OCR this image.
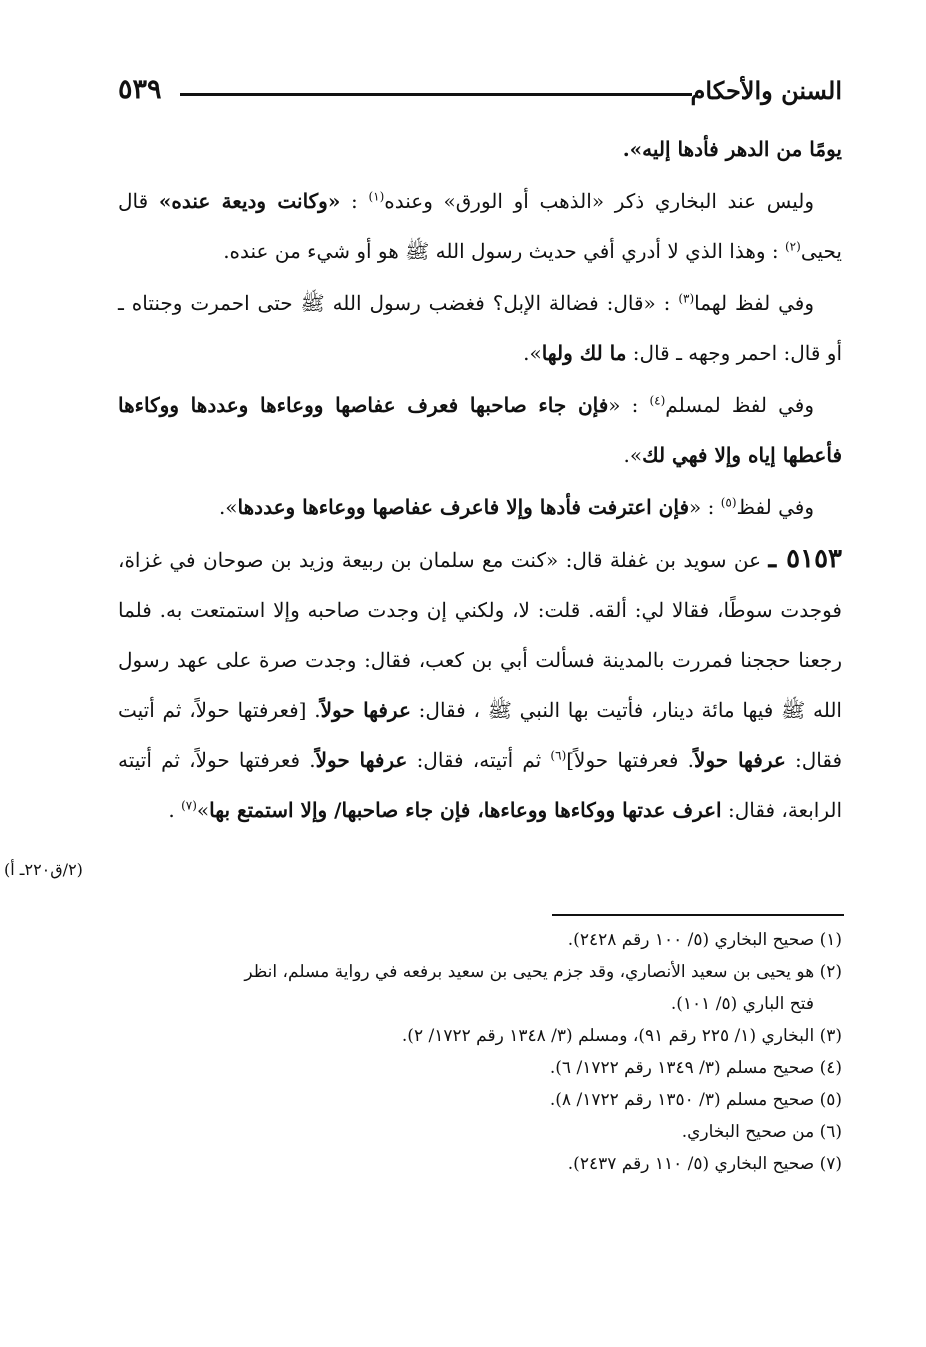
٥٣٩	السنن والأحكام

يومًا من الدهر فأدها إليه».

وليس عند البخاري ذكر «الذهب أو الورق» وعنده$^{(١)}$ : «وكانت وديعة عنده» قال يحيى$^{(٢)}$ : وهذا الذي لا أدري أفي حديث رسول الله ﷺ هو أو شيء من عنده.

وفي لفظ لهما$^{(٣)}$ : «قال: فضالة الإبل؟ فغضب رسول الله ﷺ حتى احمرت وجنتاه ـ أو قال: احمر وجهه ـ قال: ما لك ولها».

وفي لفظ لمسلم$^{(٤)}$ : «فإن جاء صاحبها فعرف عفاصها ووعاءها وعددها ووكاءها فأعطها إياه وإلا فهي لك».

وفي لفظ$^{(٥)}$ : «فإن اعترفت فأدها وإلا فاعرف عفاصها ووعاءها وعددها».

٥١٥٣ ـ عن سويد بن غفلة قال: «كنت مع سلمان بن ربيعة وزيد بن صوحان في غزاة، فوجدت سوطًا، فقالا لي: ألقه. قلت: لا، ولكني إن وجدت صاحبه وإلا استمتعت به. فلما رجعنا حججنا فمررت بالمدينة فسألت أبي بن كعب، فقال: وجدت صرة على عهد رسول الله ﷺ فيها مائة دينار، فأتيت بها النبي ﷺ ، فقال: عرفها حولاً. [فعرفتها حولاً، ثم أتيت فقال: عرفها حولاً. فعرفتها حولاً]$^{(٦)}$ ثم أتيته، فقال: عرفها حولاً. فعرفتها حولاً، ثم أتيته الرابعة، فقال: اعرف عدتها ووكاءها ووعاءها، فإن جاء صاحبها/ وإلا استمتع بها»$^{(٧)}$ .

(٢/ق٢٢٠ـ أ)

(١) صحيح البخاري (٥/ ١٠٠ رقم ٢٤٢٨).

(٢) هو يحيى بن سعيد الأنصاري، وقد جزم يحيى بن سعيد برفعه في رواية مسلم، انظر
فتح الباري (٥/ ١٠١).

(٣) البخاري (١/ ٢٢٥ رقم ٩١)، ومسلم (٣/ ١٣٤٨ رقم ١٧٢٢/ ٢).

(٤) صحيح مسلم (٣/ ١٣٤٩ رقم ١٧٢٢/ ٦).

(٥) صحيح مسلم (٣/ ١٣٥٠ رقم ١٧٢٢/ ٨).

(٦) من صحيح البخاري.

(٧) صحيح البخاري (٥/ ١١٠ رقم ٢٤٣٧).
